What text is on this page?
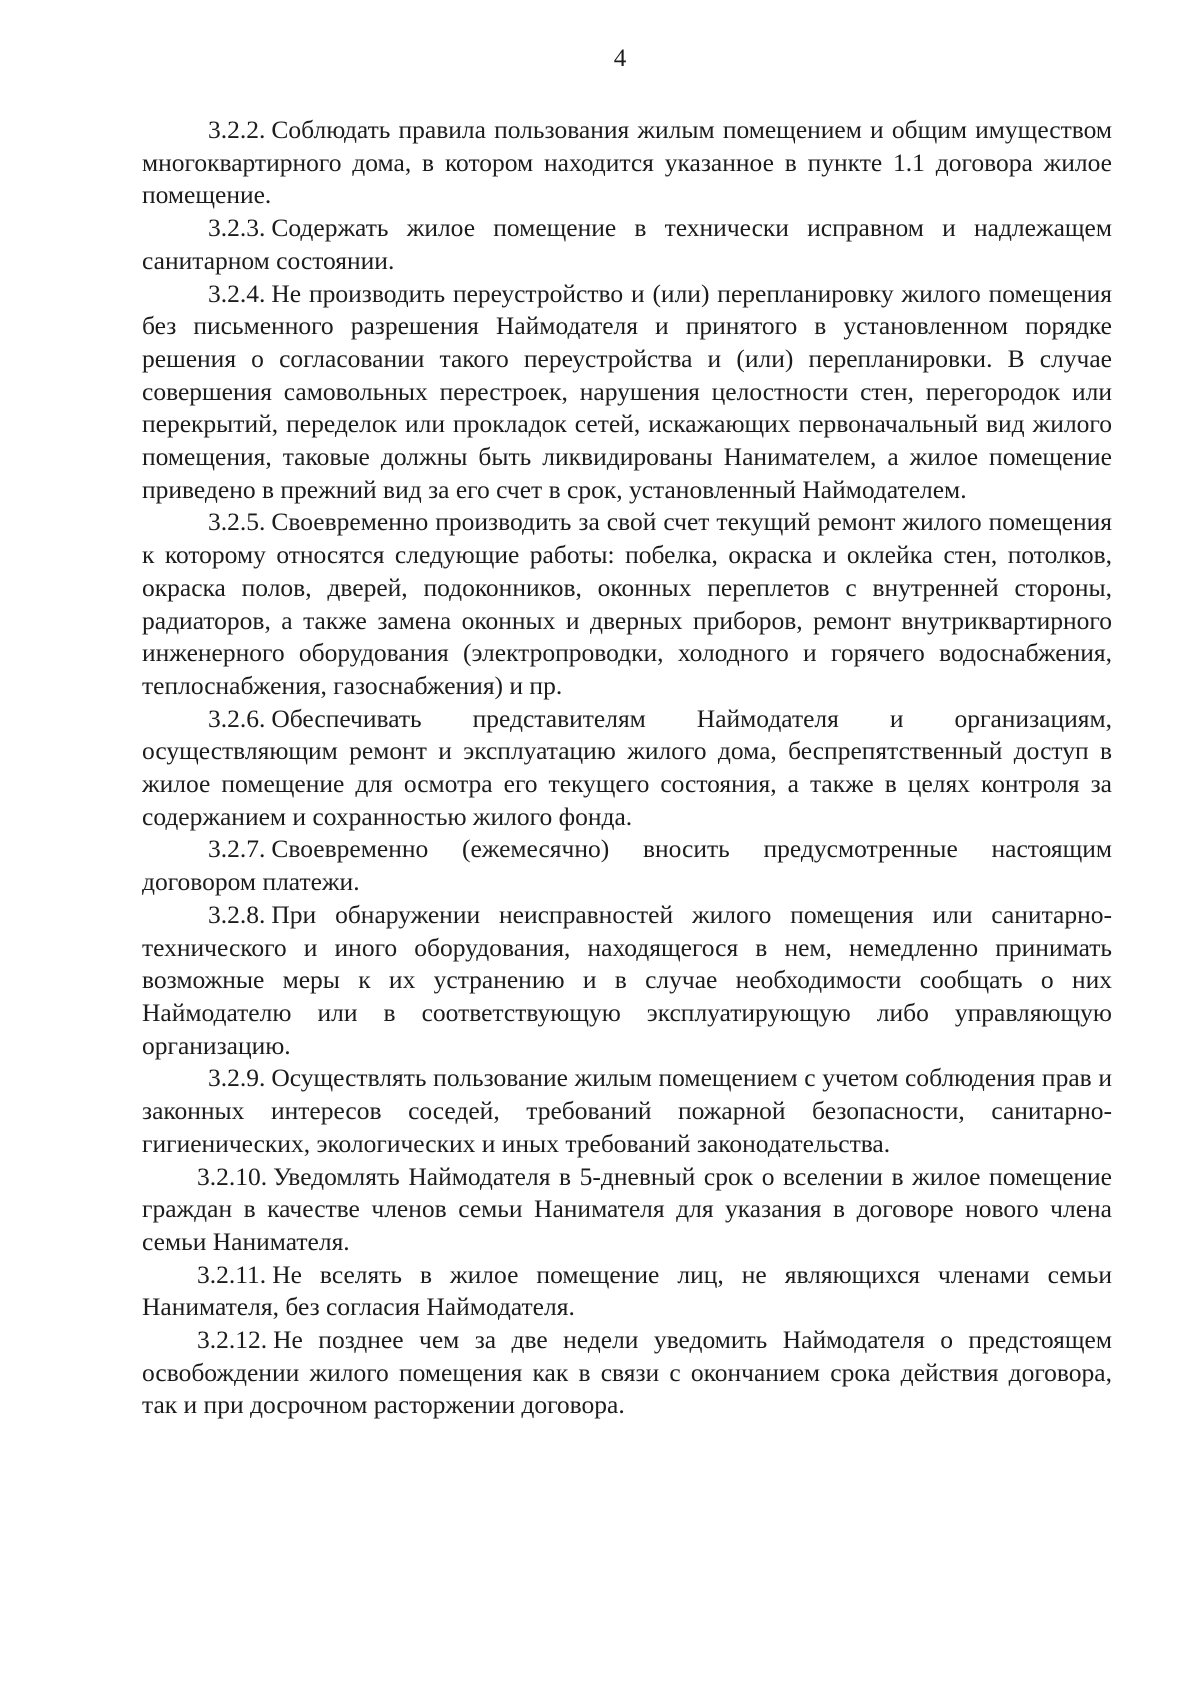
4

3.2.2. Соблюдать правила пользования жилым помещением и общим имуществом многоквартирного дома, в котором находится указанное в пункте 1.1 договора жилое помещение.

3.2.3. Содержать жилое помещение в технически исправном и надлежащем санитарном состоянии.

3.2.4. Не производить переустройство и (или) перепланировку жилого помещения без письменного разрешения Наймодателя и принятого в установленном порядке решения о согласовании такого переустройства и (или) перепланировки. В случае совершения самовольных перестроек, нарушения целостности стен, перегородок или перекрытий, переделок или прокладок сетей, искажающих первоначальный вид жилого помещения, таковые должны быть ликвидированы Нанимателем, а жилое помещение приведено в прежний вид за его счет в срок, установленный Наймодателем.

3.2.5. Своевременно производить за свой счет текущий ремонт жилого помещения к которому относятся следующие работы: побелка, окраска и оклейка стен, потолков, окраска полов, дверей, подоконников, оконных переплетов с внутренней стороны, радиаторов, а также замена оконных и дверных приборов, ремонт внутриквартирного инженерного оборудования (электропроводки, холодного и горячего водоснабжения, теплоснабжения, газоснабжения) и пр.

3.2.6. Обеспечивать представителям Наймодателя и организациям, осуществляющим ремонт и эксплуатацию жилого дома, беспрепятственный доступ в жилое помещение для осмотра его текущего состояния, а также в целях контроля за содержанием и сохранностью жилого фонда.

3.2.7. Своевременно (ежемесячно) вносить предусмотренные настоящим договором платежи.

3.2.8. При обнаружении неисправностей жилого помещения или санитарно-технического и иного оборудования, находящегося в нем, немедленно принимать возможные меры к их устранению и в случае необходимости сообщать о них Наймодателю или в соответствующую эксплуатирующую либо управляющую организацию.

3.2.9. Осуществлять пользование жилым помещением с учетом соблюдения прав и законных интересов соседей, требований пожарной безопасности, санитарно-гигиенических, экологических и иных требований законодательства.

3.2.10. Уведомлять Наймодателя в 5-дневный срок о вселении в жилое помещение граждан в качестве членов семьи Нанимателя для указания в договоре нового члена семьи Нанимателя.

3.2.11. Не вселять в жилое помещение лиц, не являющихся членами семьи Нанимателя, без согласия Наймодателя.

3.2.12. Не позднее чем за две недели уведомить Наймодателя о предстоящем освобождении жилого помещения как в связи с окончанием срока действия договора, так и при досрочном расторжении договора.
